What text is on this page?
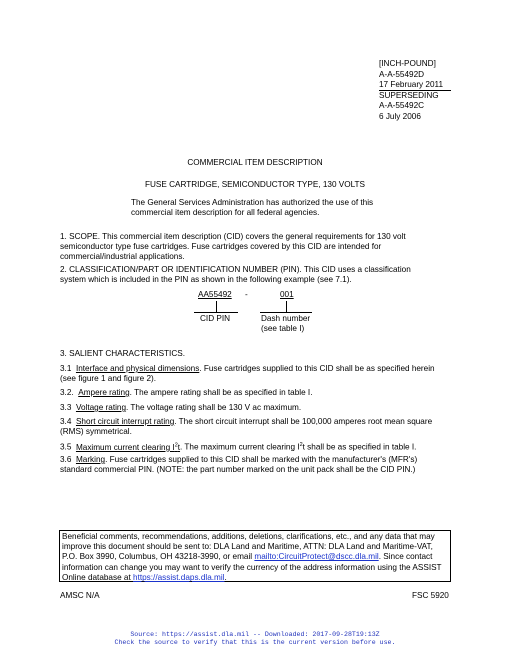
[INCH-POUND]
A-A-55492D
17 February 2011
SUPERSEDING
A-A-55492C
6 July 2006
COMMERCIAL ITEM DESCRIPTION
FUSE CARTRIDGE, SEMICONDUCTOR TYPE, 130 VOLTS
The General Services Administration has authorized the use of this
commercial item description for all federal agencies.
1. SCOPE. This commercial item description (CID) covers the general requirements for 130 volt
semiconductor type fuse cartridges. Fuse cartridges covered by this CID are intended for
commercial/industrial applications.
2. CLASSIFICATION/PART OR IDENTIFICATION NUMBER (PIN). This CID uses a classification
system which is included in the PIN as shown in the following example (see 7.1).
AA55492 -	001
CID PIN	Dash number
(see table I)
3. SALIENT CHARACTERISTICS.
3.1 Interface and physical dimensions. Fuse cartridges supplied to this CID shall be as specified herein
(see figure 1 and figure 2).
3.2. Ampere rating. The ampere rating shall be as specified in table I.
3.3 Voltage rating. The voltage rating shall be 130 V ac maximum.
3.4 Short circuit interrupt rating. The short circuit interrupt shall be 100,000 amperes root mean square
(RMS) symmetrical.
3.5 Maximum current clearing $I^2t$. The maximum current clearing $I^2t$ shall be as specified in table I.
3.6 Marking. Fuse cartridges supplied to this CID shall be marked with the manufacturer's (MFR's)
standard commercial PIN. (NOTE: the part number marked on the unit pack shall be the CID PIN.)
Beneficial comments, recommendations, additions, deletions, clarifications, etc., and any data that may
improve this document should be sent to: DLA Land and Maritime, ATTN: DLA Land and Maritime-VAT,
P.O. Box 3990, Columbus, OH 43218-3990, or email mailto:CircuitProtect@dscc.dla.mil. Since contact
information can change you may want to verify the currency of the address information using the ASSIST
Online database at https://assist.daps.dla.mil.
AMSC N/A	FSC 5920
Source: https://assist.dla.mil -- Downloaded: 2017-09-28T19:13Z
Check the source to verify that this is the current version before use.
